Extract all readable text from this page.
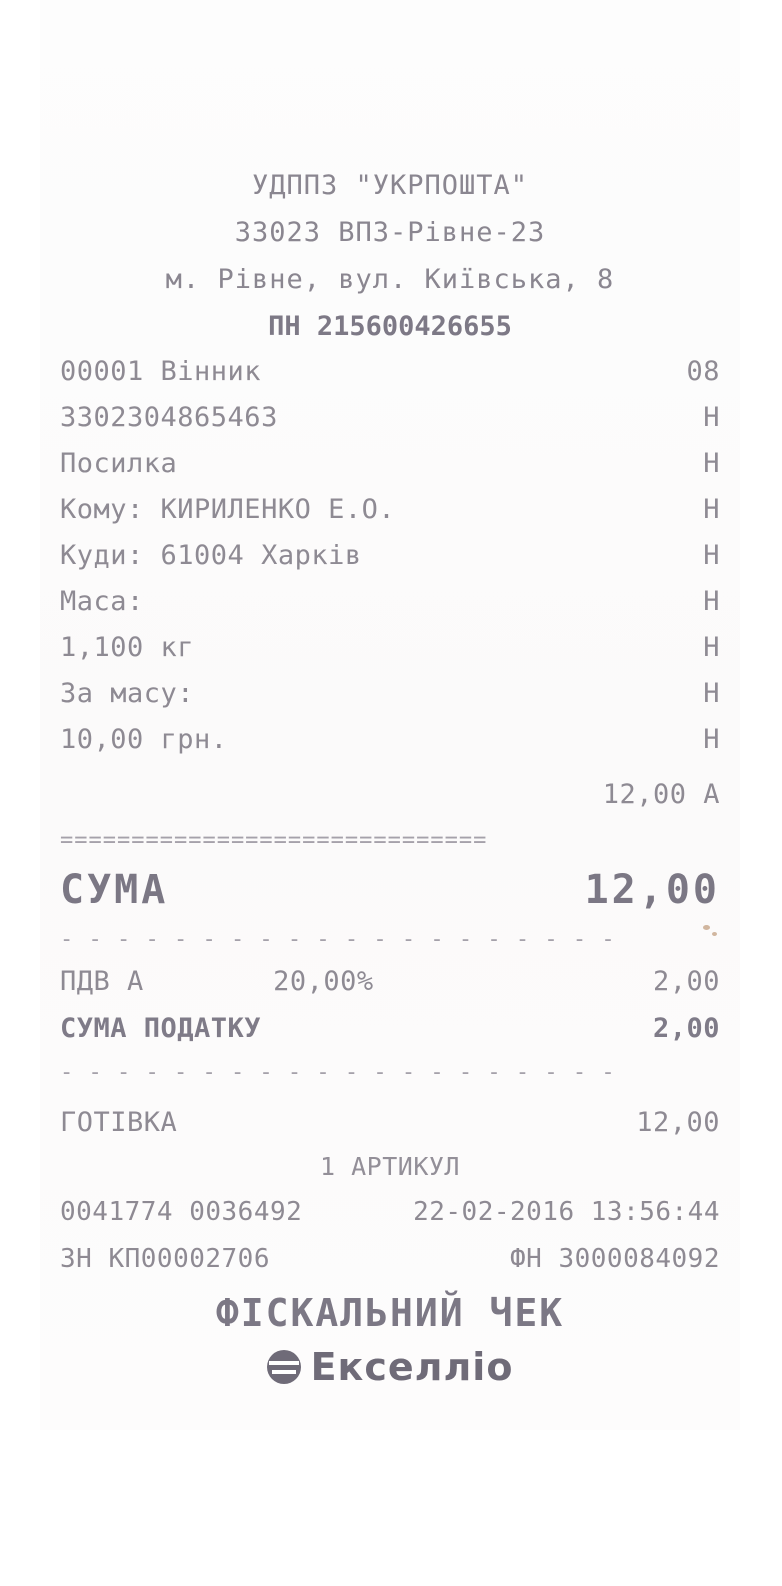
УДППЗ "УКРПОШТА"
33023 ВПЗ-Рівне-23
м. Рівне, вул. Київська, 8
ПН 215600426655
00001 Вінник	08
3302304865463	Н
Посилка	Н
Кому: КИРИЛЕНКО Е.О.	Н
Куди: 61004 Харків	Н
Маса:	Н
1,100 кг	Н
За масу:	Н
10,00 грн.	Н
12,00 А
==============================
СУМА	12,00
- - - - - - - - - - - - - - - - - - - -
ПДВ А	20,00%	2,00
СУМА ПОДАТКУ	2,00
- - - - - - - - - - - - - - - - - - - -
ГОТІВКА	12,00
1 АРТИКУЛ
0041774 0036492	22-02-2016 13:56:44
ЗН КП00002706	ФН 3000084092
ФІСКАЛЬНИЙ ЧЕК
Екселліо
